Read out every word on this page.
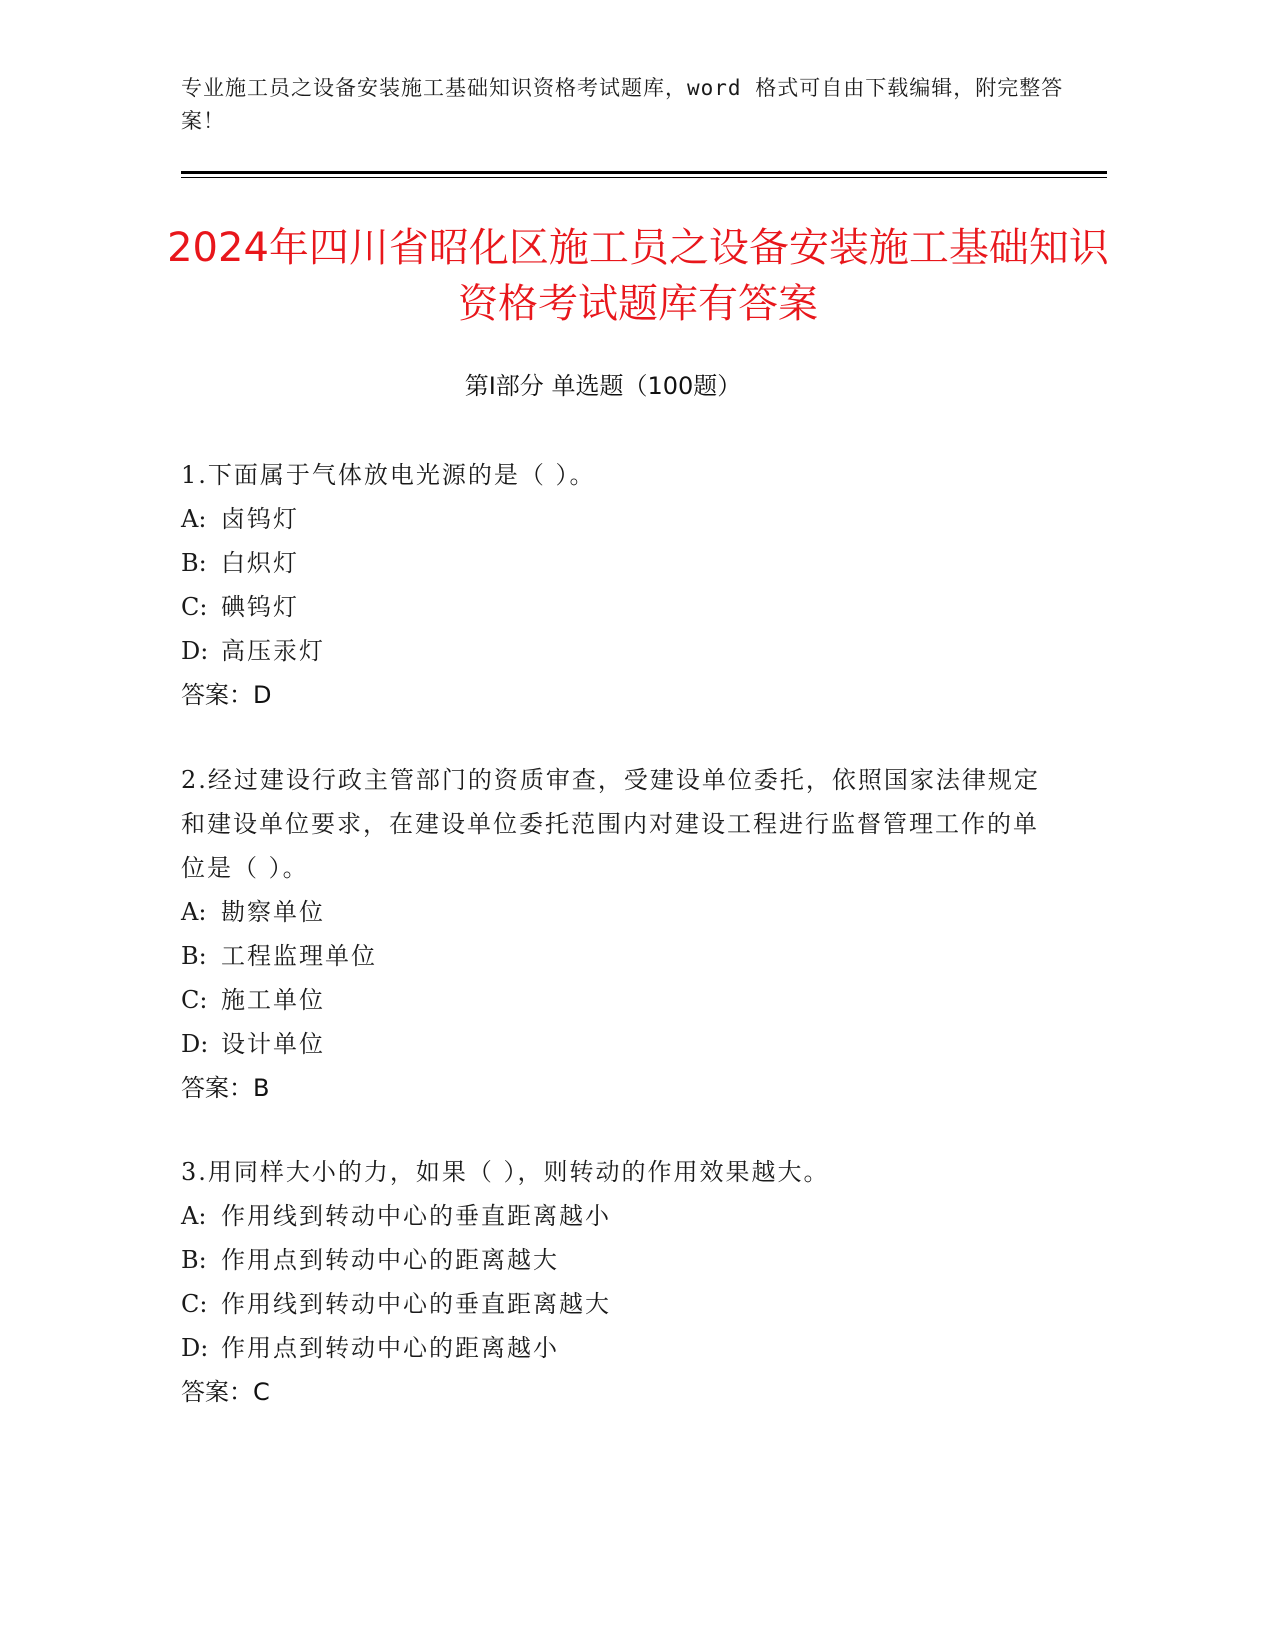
专业施工员之设备安装施工基础知识资格考试题库，word 格式可自由下载编辑，附完整答案！
2024年四川省昭化区施工员之设备安装施工基础知识资格考试题库有答案
第Ⅰ部分 单选题（100题）
1.下面属于气体放电光源的是（ ）。
A: 卤钨灯
B: 白炽灯
C: 碘钨灯
D: 高压汞灯
答案：D
2.经过建设行政主管部门的资质审查，受建设单位委托，依照国家法律规定和建设单位要求，在建设单位委托范围内对建设工程进行监督管理工作的单位是（ ）。
A: 勘察单位
B: 工程监理单位
C: 施工单位
D: 设计单位
答案：B
3.用同样大小的力，如果（ ），则转动的作用效果越大。
A: 作用线到转动中心的垂直距离越小
B: 作用点到转动中心的距离越大
C: 作用线到转动中心的垂直距离越大
D: 作用点到转动中心的距离越小
答案：C
